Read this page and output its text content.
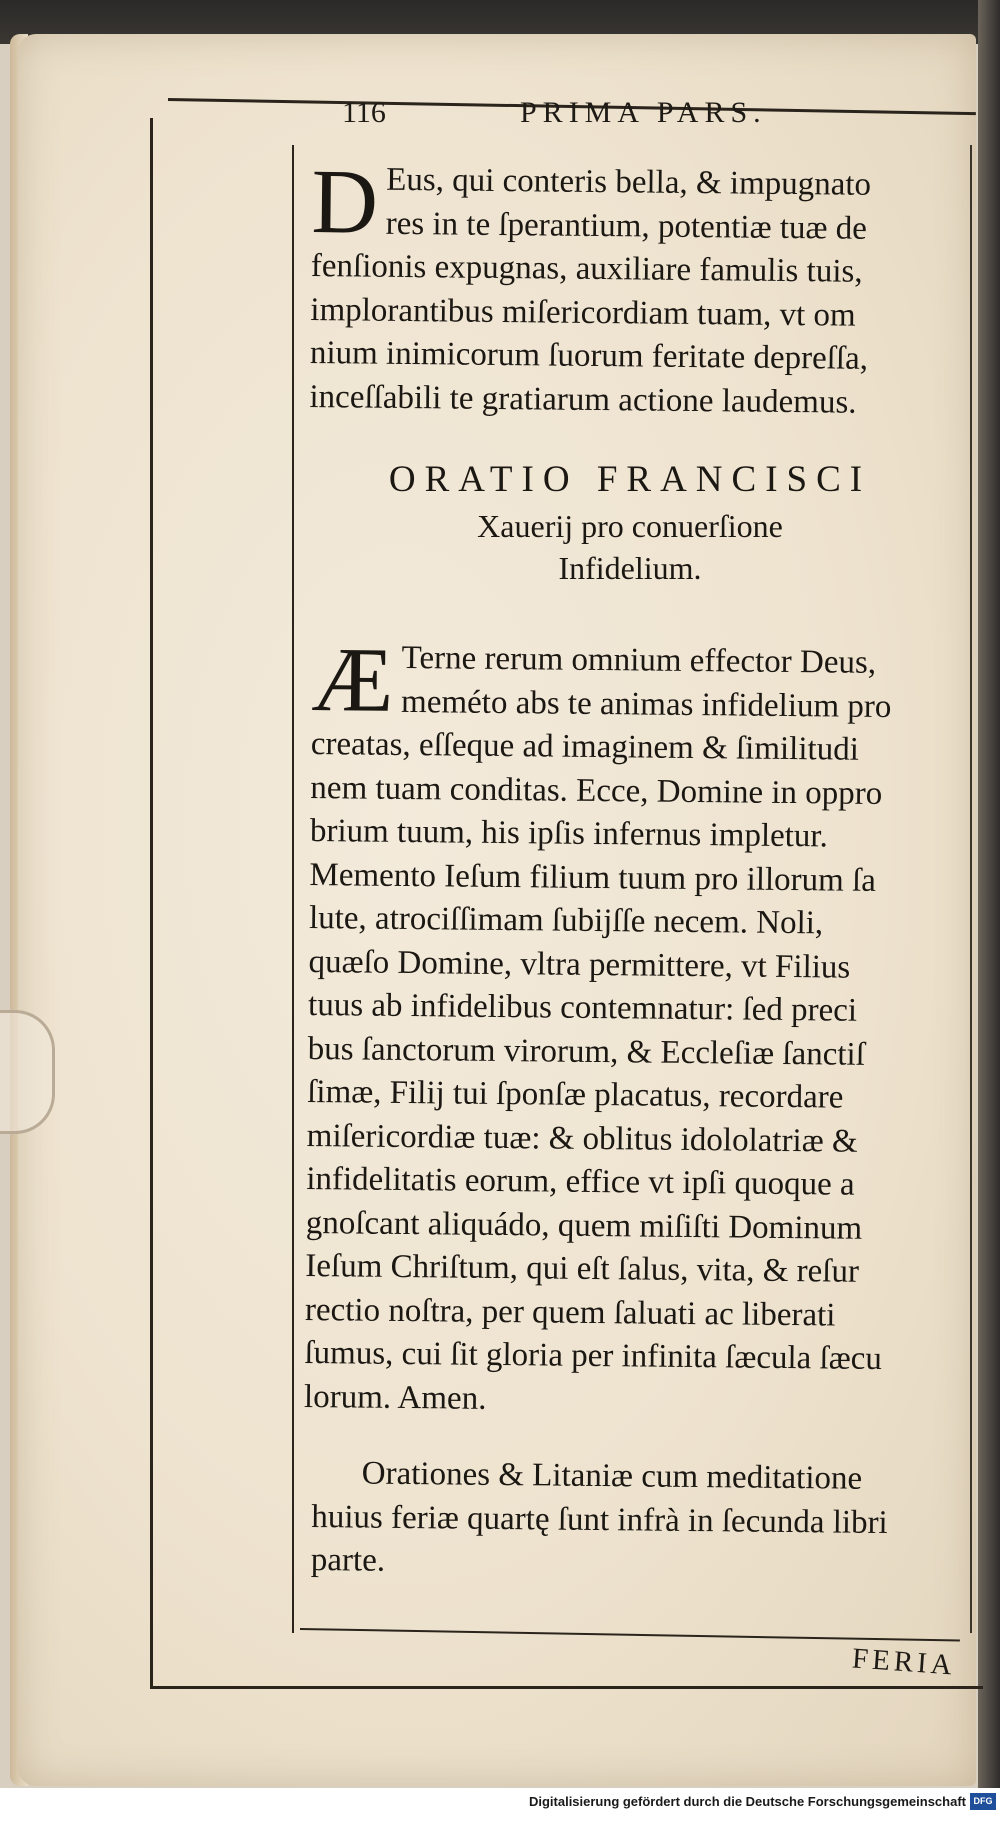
116	PRIMA PARS.
D Eus, qui conteris bella, & impugnato
res in te ſperantium, potentiæ tuæ de
fenſionis expugnas, auxiliare famulis tuis,
implorantibus miſericordiam tuam, vt om
nium inimicorum ſuorum feritate depreſſa,
inceſſabili te gratiarum actione laudemus.
ORATIO FRANCISCI
Xauerij pro conuerſione
Infidelium.
Æ Terne rerum omnium effector Deus,
meméto abs te animas infidelium pro
creatas, eſſeque ad imaginem & ſimilitudi
nem tuam conditas. Ecce, Domine in oppro
brium tuum, his ipſis infernus impletur.
Memento Ieſum filium tuum pro illorum ſa
lute, atrociſſimam ſubijſſe necem. Noli,
quæſo Domine, vltra permittere, vt Filius
tuus ab infidelibus contemnatur: ſed preci
bus ſanctorum virorum, & Eccleſiæ ſanctiſ
ſimæ, Filij tui ſponſæ placatus, recordare
miſericordiæ tuæ: & oblitus idololatriæ &
infidelitatis eorum, effice vt ipſi quoque a
gnoſcant aliquádo, quem miſiſti Dominum
Ieſum Chriſtum, qui eſt ſalus, vita, & reſur
rectio noſtra, per quem ſaluati ac liberati
ſumus, cui ſit gloria per infinita ſæcula ſæcu
lorum. Amen.
Orationes & Litaniæ cum meditatione
huius feriæ quartę ſunt infrà in ſecunda libri
parte.
FERIA
Digitalisierung gefördert durch die Deutsche Forschungsgemeinschaft DFG
